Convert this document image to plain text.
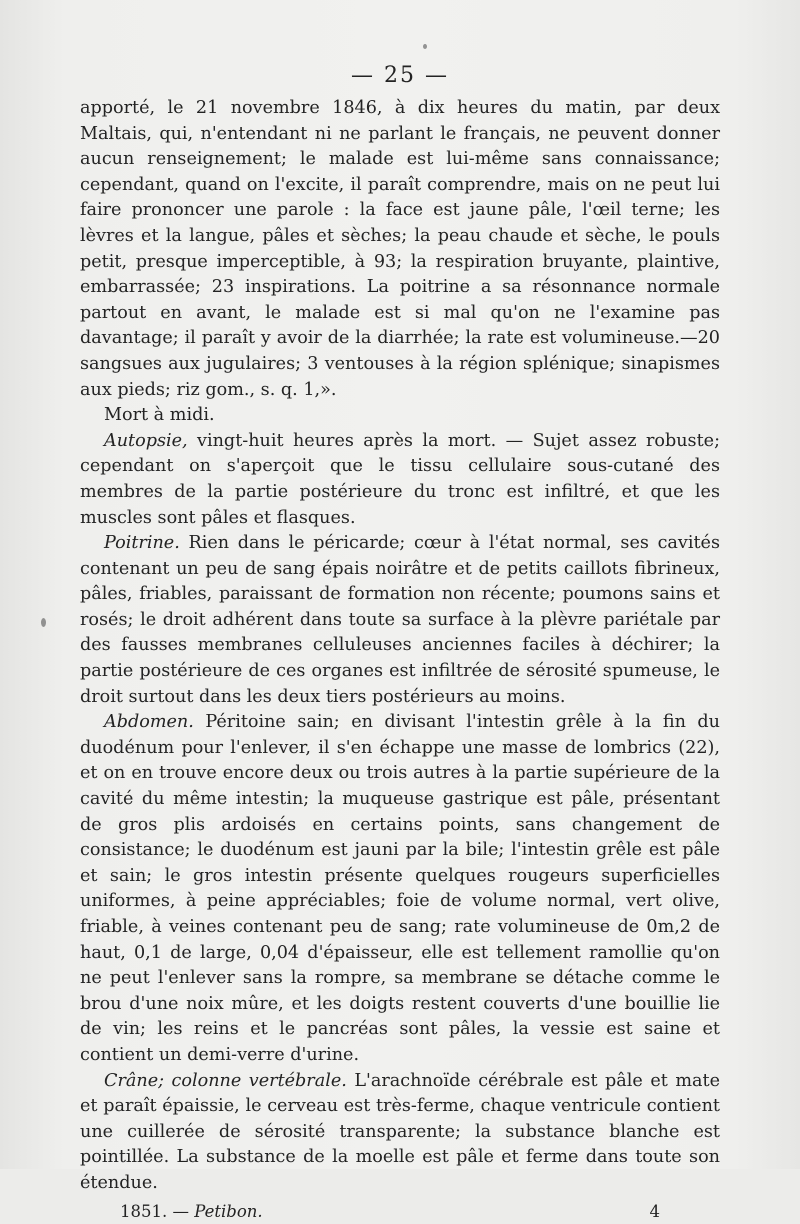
— 25 —

apporté, le 21 novembre 1846, à dix heures du matin, par deux Maltais, qui, n'entendant ni ne parlant le français, ne peuvent donner aucun renseignement; le malade est lui-même sans connaissance; cependant, quand on l'excite, il paraît comprendre, mais on ne peut lui faire prononcer une parole : la face est jaune pâle, l'œil terne; les lèvres et la langue, pâles et sèches; la peau chaude et sèche, le pouls petit, presque imperceptible, à 93; la respiration bruyante, plaintive, embarrassée; 23 inspirations. La poitrine a sa résonnance normale partout en avant, le malade est si mal qu'on ne l'examine pas davantage; il paraît y avoir de la diarrhée; la rate est volumineuse.—20 sangsues aux jugulaires; 3 ventouses à la région splénique; sinapismes aux pieds; riz gom., s. q. 1,».

Mort à midi.

Autopsie, vingt-huit heures après la mort. — Sujet assez robuste; cependant on s'aperçoit que le tissu cellulaire sous-cutané des membres de la partie postérieure du tronc est infiltré, et que les muscles sont pâles et flasques.

Poitrine. Rien dans le péricarde; cœur à l'état normal, ses cavités contenant un peu de sang épais noirâtre et de petits caillots fibrineux, pâles, friables, paraissant de formation non récente; poumons sains et rosés; le droit adhérent dans toute sa surface à la plèvre pariétale par des fausses membranes celluleuses anciennes faciles à déchirer; la partie postérieure de ces organes est infiltrée de sérosité spumeuse, le droit surtout dans les deux tiers postérieurs au moins.

Abdomen. Péritoine sain; en divisant l'intestin grêle à la fin du duodénum pour l'enlever, il s'en échappe une masse de lombrics (22), et on en trouve encore deux ou trois autres à la partie supérieure de la cavité du même intestin; la muqueuse gastrique est pâle, présentant de gros plis ardoisés en certains points, sans changement de consistance; le duodénum est jauni par la bile; l'intestin grêle est pâle et sain; le gros intestin présente quelques rougeurs superficielles uniformes, à peine appréciables; foie de volume normal, vert olive, friable, à veines contenant peu de sang; rate volumineuse de 0m,2 de haut, 0,1 de large, 0,04 d'épaisseur, elle est tellement ramollie qu'on ne peut l'enlever sans la rompre, sa membrane se détache comme le brou d'une noix mûre, et les doigts restent couverts d'une bouillie lie de vin; les reins et le pancréas sont pâles, la vessie est saine et contient un demi-verre d'urine.

Crâne; colonne vertébrale. L'arachnoïde cérébrale est pâle et mate et paraît épaissie, le cerveau est très-ferme, chaque ventricule contient une cuillerée de sérosité transparente; la substance blanche est pointillée. La substance de la moelle est pâle et ferme dans toute son étendue.

1851. — Petibon.	4
